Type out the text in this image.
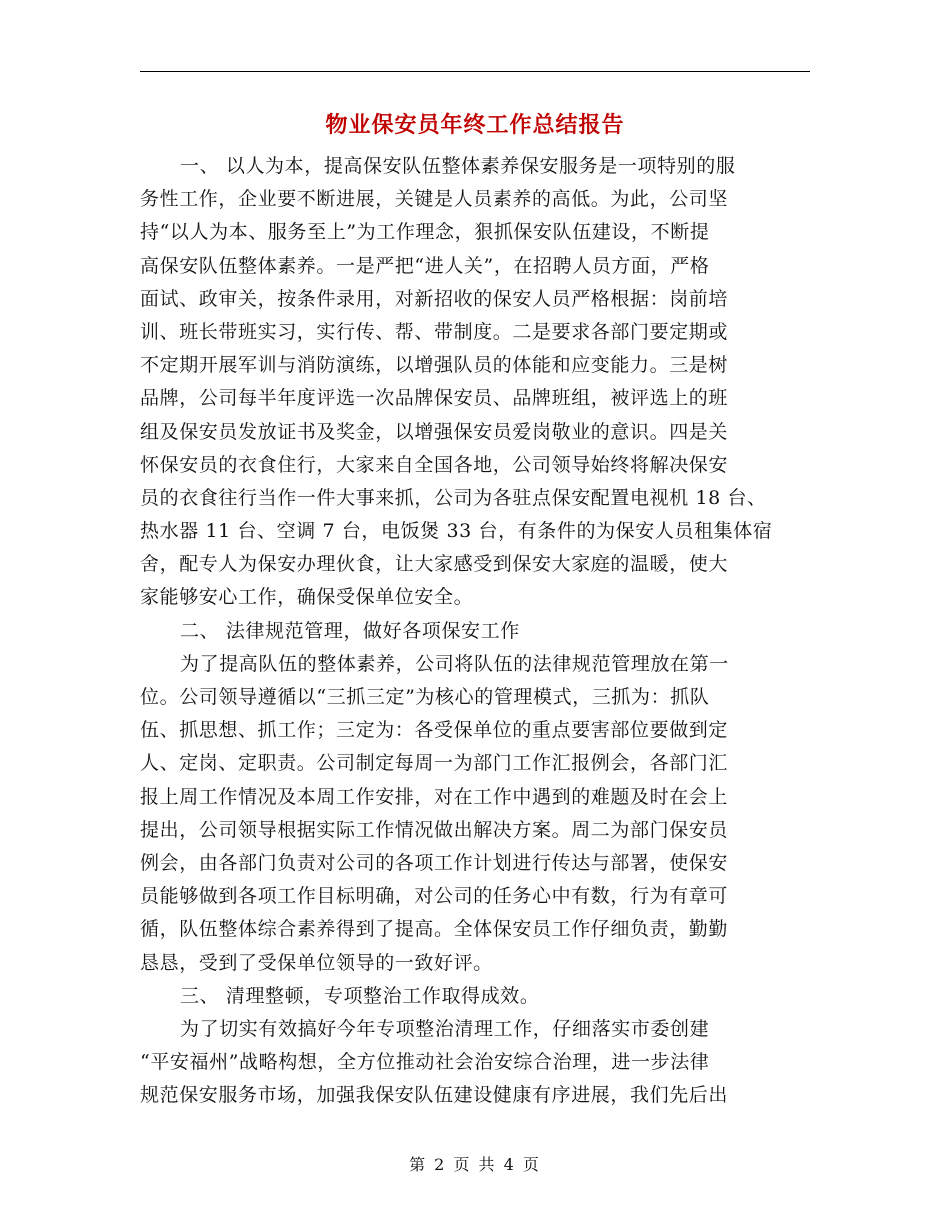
物业保安员年终工作总结报告
一、 以人为本，提高保安队伍整体素养保安服务是一项特别的服
务性工作，企业要不断进展，关键是人员素养的高低。为此，公司坚
持“以人为本、服务至上”为工作理念，狠抓保安队伍建设，不断提
高保安队伍整体素养。一是严把“进人关”，在招聘人员方面，严格
面试、政审关，按条件录用，对新招收的保安人员严格根据：岗前培
训、班长带班实习，实行传、帮、带制度。二是要求各部门要定期或
不定期开展军训与消防演练，以增强队员的体能和应变能力。三是树
品牌，公司每半年度评选一次品牌保安员、品牌班组，被评选上的班
组及保安员发放证书及奖金，以增强保安员爱岗敬业的意识。四是关
怀保安员的衣食住行，大家来自全国各地，公司领导始终将解决保安
员的衣食往行当作一件大事来抓，公司为各驻点保安配置电视机 18 台、
热水器 11 台、空调 7 台，电饭煲 33 台，有条件的为保安人员租集体宿
舍，配专人为保安办理伙食，让大家感受到保安大家庭的温暖，使大
家能够安心工作，确保受保单位安全。
二、 法律规范管理，做好各项保安工作
为了提高队伍的整体素养，公司将队伍的法律规范管理放在第一
位。公司领导遵循以“三抓三定”为核心的管理模式，三抓为：抓队
伍、抓思想、抓工作；三定为：各受保单位的重点要害部位要做到定
人、定岗、定职责。公司制定每周一为部门工作汇报例会，各部门汇
报上周工作情况及本周工作安排，对在工作中遇到的难题及时在会上
提出，公司领导根据实际工作情况做出解决方案。周二为部门保安员
例会，由各部门负责对公司的各项工作计划进行传达与部署，使保安
员能够做到各项工作目标明确，对公司的任务心中有数，行为有章可
循，队伍整体综合素养得到了提高。全体保安员工作仔细负责，勤勤
恳恳，受到了受保单位领导的一致好评。
三、 清理整顿，专项整治工作取得成效。
为了切实有效搞好今年专项整治清理工作，仔细落实市委创建
“平安福州”战略构想，全方位推动社会治安综合治理，进一步法律
规范保安服务市场，加强我保安队伍建设健康有序进展，我们先后出
第 2 页 共 4 页
